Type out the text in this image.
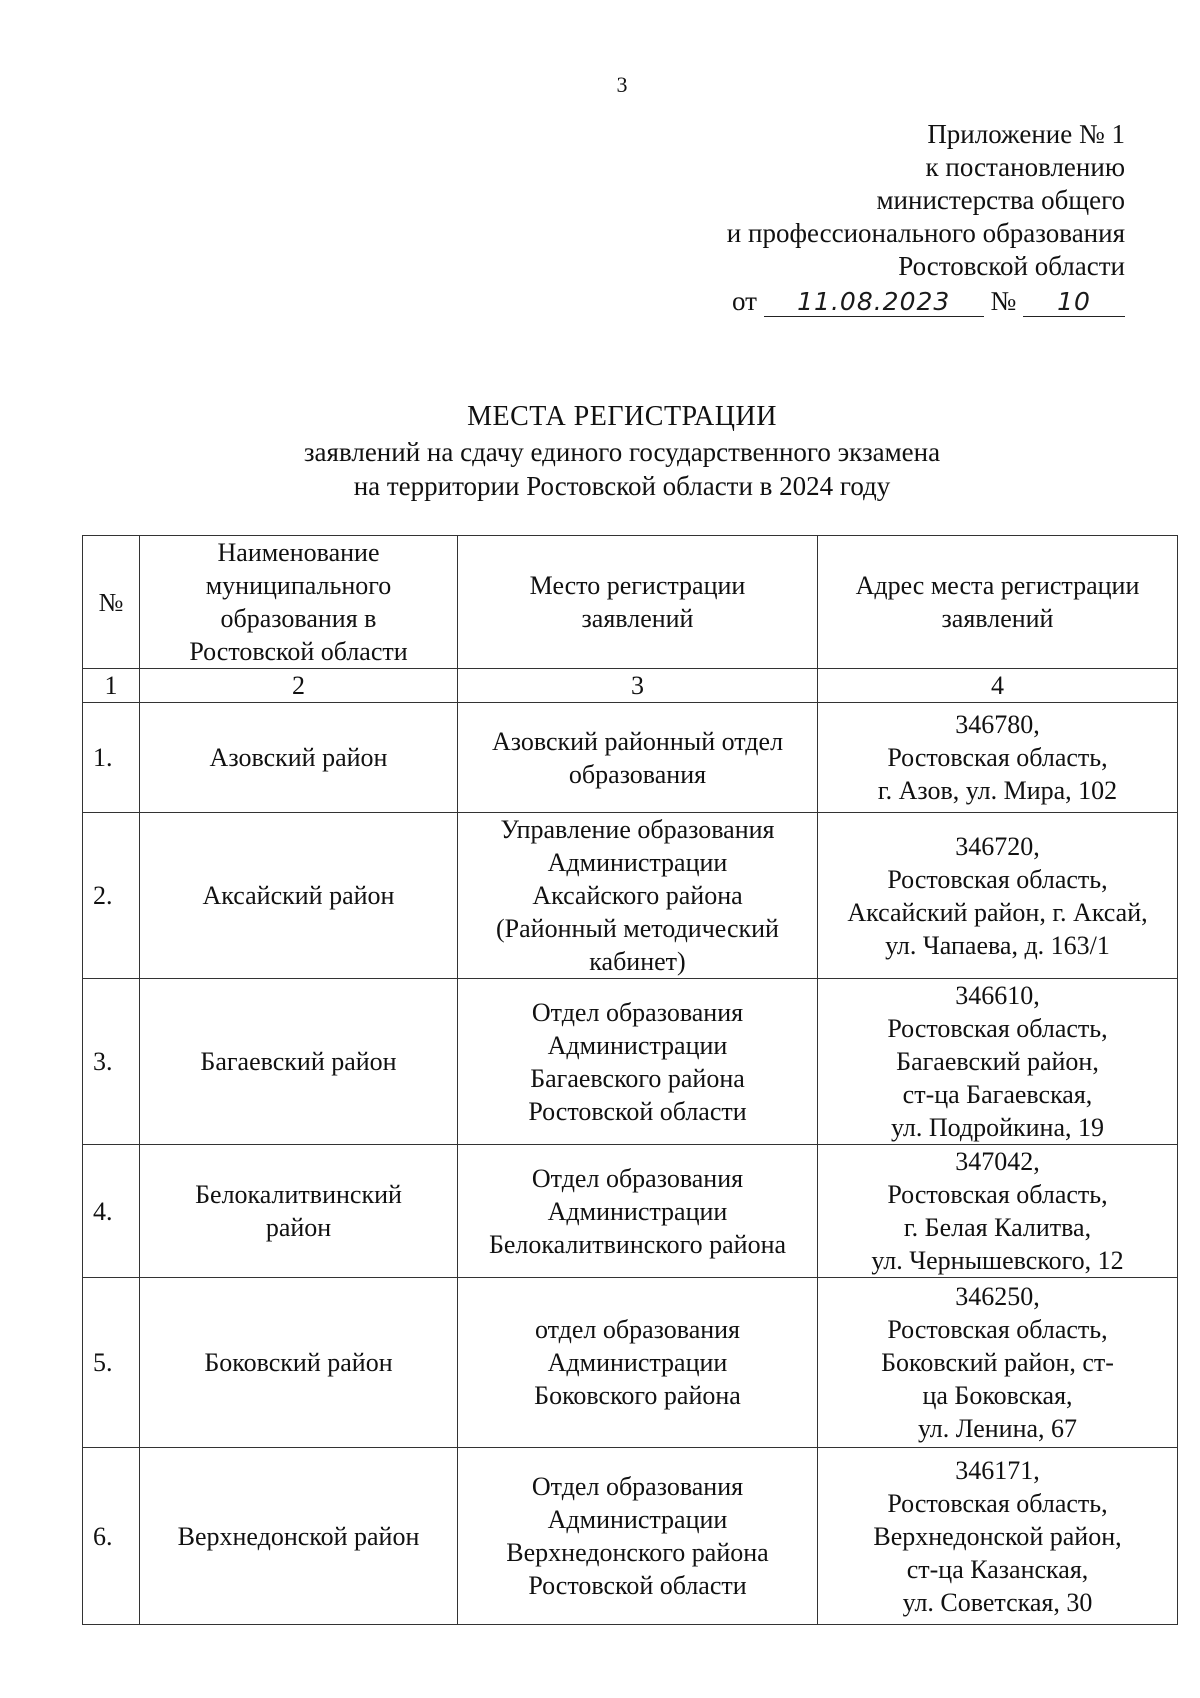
3
Приложение № 1
к постановлению
министерства общего
и профессионального образования
Ростовской области
от 11.08.2023 № 10
МЕСТА РЕГИСТРАЦИИ
заявлений на сдачу единого государственного экзамена
на территории Ростовской области в 2024 году
№	Наименование
муниципального
образования в
Ростовской области	Место регистрации
заявлений	Адрес места регистрации
заявлений

1	2	3	4
1.	Азовский район	Азовский районный отдел
образования	346780,
Ростовская область,
г. Азов, ул. Мира, 102

2.	Аксайский район	Управление образования
Администрации
Аксайского района
(Районный методический
кабинет)	346720,
Ростовская область,
Аксайский район, г. Аксай,
ул. Чапаева, д. 163/1

3.	Багаевский район	Отдел образования
Администрации
Багаевского района
Ростовской области	346610,
Ростовская область,
Багаевский район,
ст-ца Багаевская,
ул. Подройкина, 19

4.	Белокалитвинский
район	Отдел образования
Администрации
Белокалитвинского района	347042,
Ростовская область,
г. Белая Калитва,
ул. Чернышевского, 12

5.	Боковский район	отдел образования
Администрации
Боковского района	346250,
Ростовская область,
Боковский район, ст-
ца Боковская,
ул. Ленина, 67

6.	Верхнедонской район	Отдел образования
Администрации
Верхнедонского района
Ростовской области	346171,
Ростовская область,
Верхнедонской район,
ст-ца Казанская,
ул. Советская, 30
